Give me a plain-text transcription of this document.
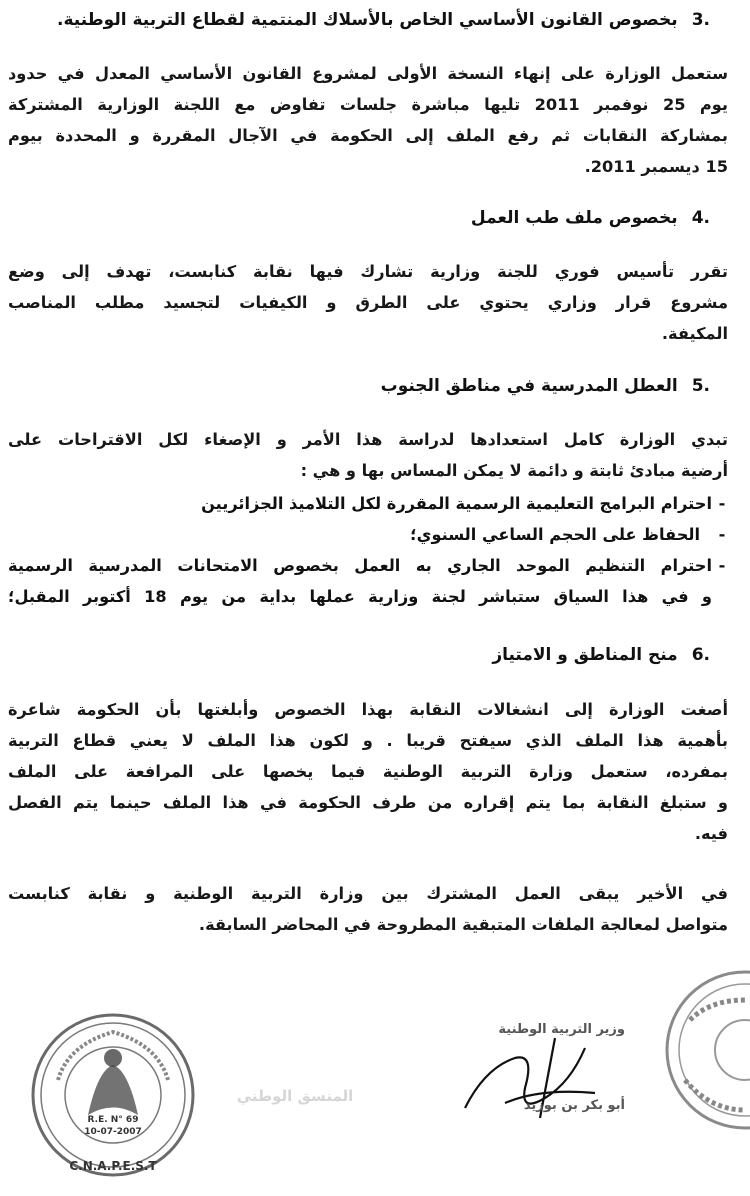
.3بخصوص القانون الأساسي الخاص بالأسلاك المنتمية لقطاع التربية الوطنية.
ستعمل الوزارة على إنهاء النسخة الأولى لمشروع القانون الأساسي المعدل في حدود
يوم 25 نوفمبر 2011 تليها مباشرة جلسات تفاوض مع اللجنة الوزارية المشتركة
بمشاركة النقابات ثم رفع الملف إلى الحكومة في الآجال المقررة و المحددة بيوم
15 ديسمبر 2011.
.4بخصوص ملف طب العمل
تقرر تأسيس فوري للجنة وزارية تشارك فيها نقابة كنابست، تهدف إلى وضع
مشروع قرار وزاري يحتوي على الطرق و الكيفيات لتجسيد مطلب المناصب
المكيفة.
.5العطل المدرسية في مناطق الجنوب
تبدي الوزارة كامل استعدادها لدراسة هذا الأمر و الإصغاء لكل الاقتراحات على
أرضية مبادئ ثابتة و دائمة لا يمكن المساس بها و هي :
-
احترام البرامج التعليمية الرسمية المقررة لكل التلاميذ الجزائريين
-
الحفاظ على الحجم الساعي السنوي؛
-
احترام التنظيم الموحد الجاري به العمل بخصوص الامتحانات المدرسية الرسمية
و في هذا السياق ستباشر لجنة وزارية عملها بداية من يوم 18 أكتوبر المقبل؛
.6منح المناطق و الامتياز
أصغت الوزارة إلى انشغالات النقابة بهذا الخصوص وأبلغتها بأن الحكومة شاعرة
بأهمية هذا الملف الذي سيفتح قريبا . و لكون هذا الملف لا يعني قطاع التربية
بمفرده، ستعمل وزارة التربية الوطنية فيما يخصها على المرافعة على الملف
و ستبلغ النقابة بما يتم إقراره من طرف الحكومة في هذا الملف حينما يتم الفصل
فيه.
في الأخير يبقى العمل المشترك بين وزارة التربية الوطنية و نقابة كنابست
متواصل لمعالجة الملفات المتبقية المطروحة في المحاضر السابقة.
R.E. N° 69
10-07-2007
C.N.A.P.E.S.T
المنسق الوطني
وزير التربية الوطنية
أبو بكر بن بوزيد
